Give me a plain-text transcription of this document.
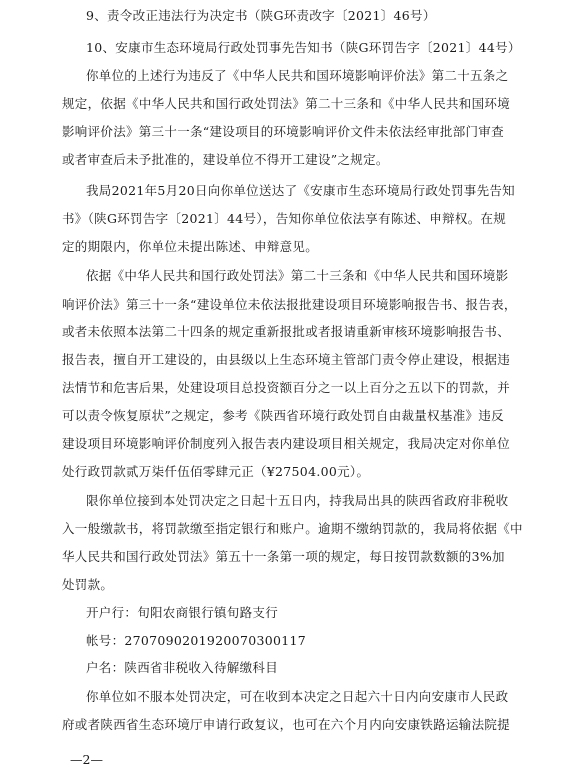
9、责令改正违法行为决定书（陕G环责改字〔2021〕46号）
10、安康市生态环境局行政处罚事先告知书（陕G环罚告字〔2021〕44号）
你单位的上述行为违反了《中华人民共和国环境影响评价法》第二十五条之
规定，依据《中华人民共和国行政处罚法》第二十三条和《中华人民共和国环境
影响评价法》第三十一条“建设项目的环境影响评价文件未依法经审批部门审查
或者审查后未予批准的，建设单位不得开工建设”之规定。
我局2021年5月20日向你单位送达了《安康市生态环境局行政处罚事先告知
书》（陕G环罚告字〔2021〕44号），告知你单位依法享有陈述、申辩权。在规
定的期限内，你单位未提出陈述、申辩意见。
依据《中华人民共和国行政处罚法》第二十三条和《中华人民共和国环境影
响评价法》第三十一条“建设单位未依法报批建设项目环境影响报告书、报告表，
或者未依照本法第二十四条的规定重新报批或者报请重新审核环境影响报告书、
报告表，擅自开工建设的，由县级以上生态环境主管部门责令停止建设，根据违
法情节和危害后果，处建设项目总投资额百分之一以上百分之五以下的罚款，并
可以责令恢复原状”之规定，参考《陕西省环境行政处罚自由裁量权基准》违反
建设项目环境影响评价制度列入报告表内建设项目相关规定，我局决定对你单位
处行政罚款贰万柒仟伍佰零肆元正（¥27504.00元）。
限你单位接到本处罚决定之日起十五日内，持我局出具的陕西省政府非税收
入一般缴款书，将罚款缴至指定银行和账户。逾期不缴纳罚款的，我局将依据《中
华人民共和国行政处罚法》第五十一条第一项的规定，每日按罚款数额的3%加
处罚款。
开户行：旬阳农商银行镇旬路支行
帐号：2707090201920070300117
户名：陕西省非税收入待解缴科目
你单位如不服本处罚决定，可在收到本决定之日起六十日内向安康市人民政
府或者陕西省生态环境厅申请行政复议，也可在六个月内向安康铁路运输法院提
—2—
